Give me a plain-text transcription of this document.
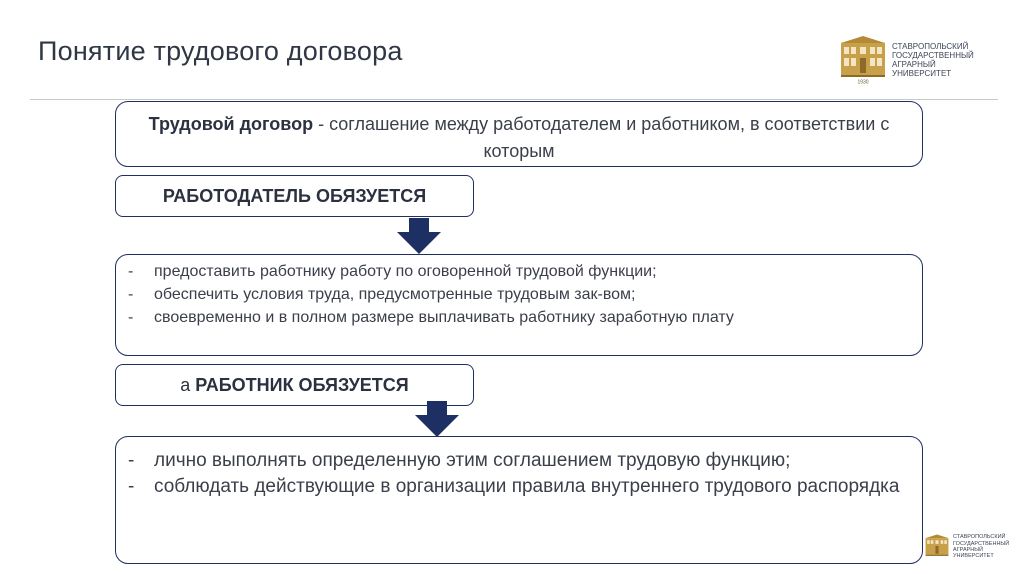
Понятие трудового договора
1930
СТАВРОПОЛЬСКИЙ
ГОСУДАРСТВЕННЫЙ
АГРАРНЫЙ УНИВЕРСИТЕТ
Трудовой договор - соглашение между работодателем и работником, в соответствии с которым
РАБОТОДАТЕЛЬ ОБЯЗУЕТСЯ
- предоставить работнику работу по оговоренной трудовой функции;
- обеспечить условия труда, предусмотренные трудовым зак-вом;
- своевременно и в полном размере выплачивать работнику заработную плату
а РАБОТНИК ОБЯЗУЕТСЯ
- лично выполнять определенную этим соглашением трудовую функцию;
- соблюдать действующие в организации правила внутреннего трудового распорядка
СТАВРОПОЛЬСКИЙ
ГОСУДАРСТВЕННЫЙ
АГРАРНЫЙ УНИВЕРСИТЕТ
